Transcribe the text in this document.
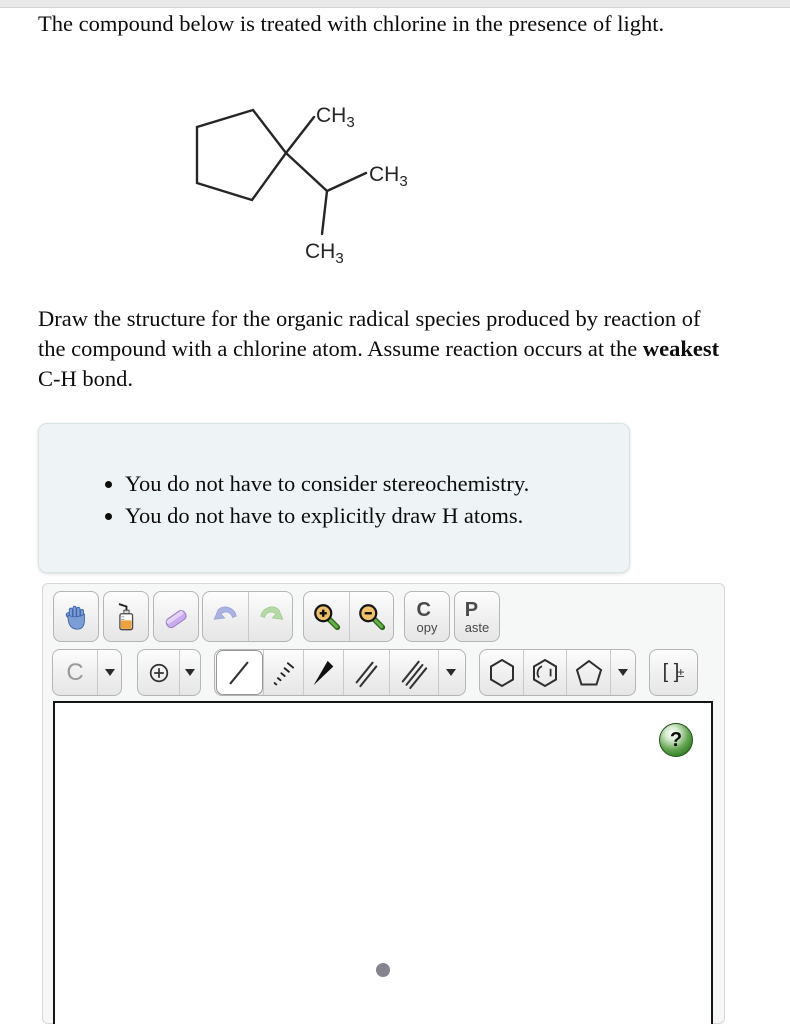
The compound below is treated with chlorine in the presence of light.

$CH_3$
$CH_3$
$CH_3$

Draw the structure for the organic radical species produced by reaction of the compound with a chlorine atom. Assume reaction occurs at the weakest C-H bond.

• You do not have to consider stereochemistry.
• You do not have to explicitly draw H atoms.
C
opy
P
aste
C	[ ]
±
?
